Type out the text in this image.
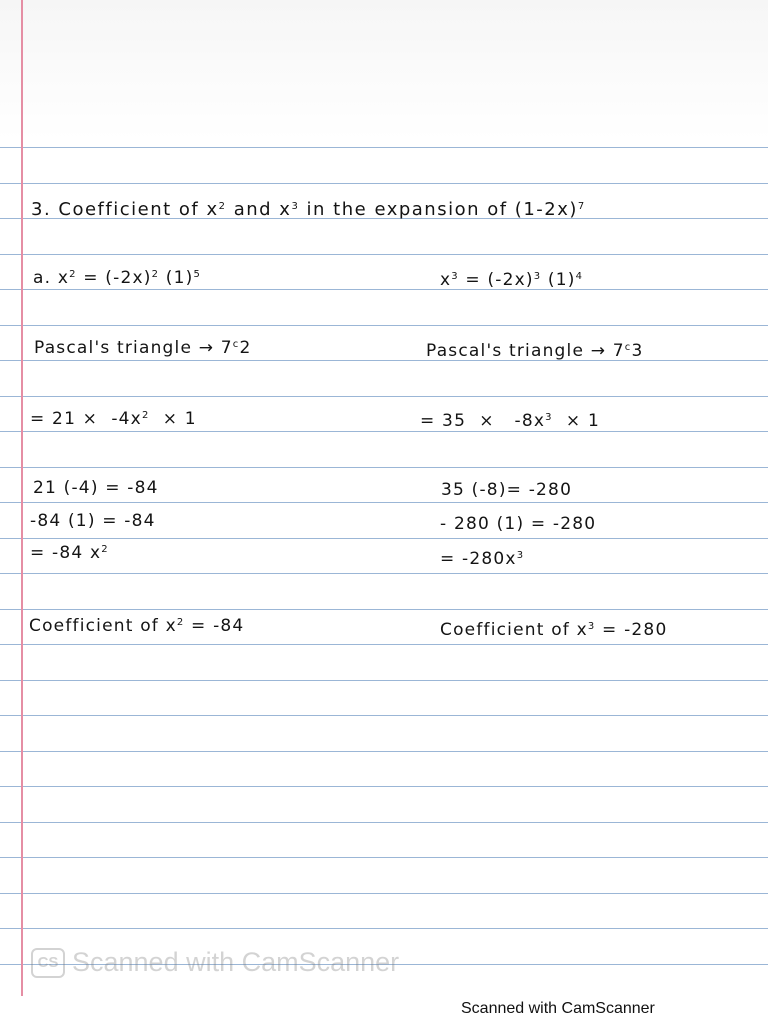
3. Coefficient of $x^2$ and $x^3$ in the expansion of $(1-2x)^7$
a. $x^2 = (-2x)^2$ $(1)^5$	$x^3 = (-2x)^3$ $(1)^4$
Pascal's triangle → $7^c2$	Pascal's triangle → $7^c3$
= $21 \times -4x^2 \times 1$	= $35 \times -8x^3 \times 1$
21 (-4) = -84	35 (-8)= -280
-84 (1) = -84	- 280 (1) = -280
= -84 $x^2$	= $-280x^3$
Coefficient of $x^2 = -84$	Coefficient of $x^3 = -280$
CS Scanned with CamScanner
Scanned with CamScanner
